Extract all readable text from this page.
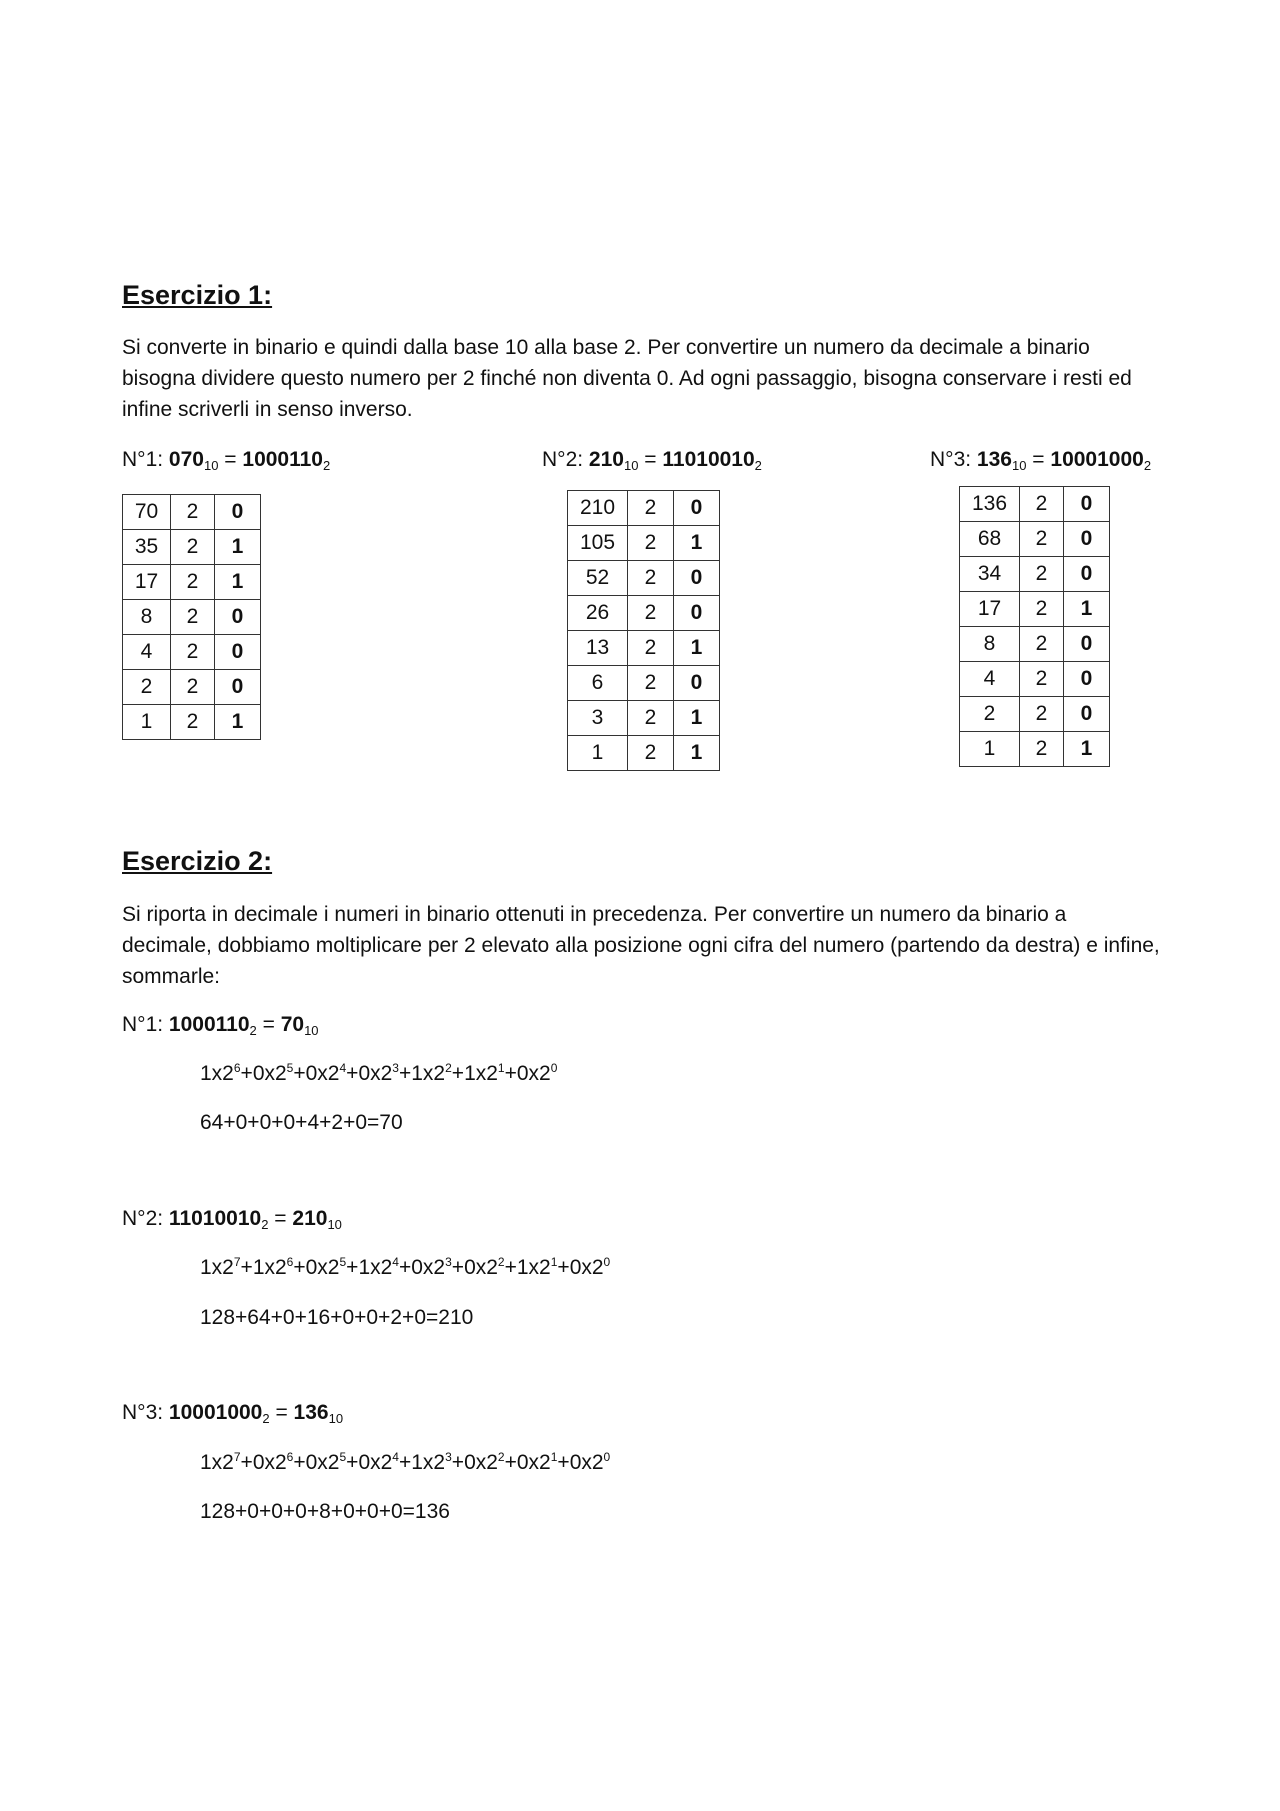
Esercizio 1:

Si converte in binario e quindi dalla base 10 alla base 2. Per convertire un numero da decimale a binario bisogna dividere questo numero per 2 finché non diventa 0. Ad ogni passaggio, bisogna conservare i resti ed infine scriverli in senso inverso.

N°1: $070_{10} = 1000110_2$	N°2: $210_{10} = 11010010_2$	N°3: $136_{10} = 10001000_2$
70	2	0
35	2	1
17	2	1
8	2	0
4	2	0
2	2	0
1	2	1
210	2	0
105	2	1
52	2	0
26	2	0
13	2	1
6	2	0
3	2	1
1	2	1
136	2	0
68	2	0
34	2	0
17	2	1
8	2	0
4	2	0
2	2	0
1	2	1
Esercizio 2:

Si riporta in decimale i numeri in binario ottenuti in precedenza. Per convertire un numero da binario a decimale, dobbiamo moltiplicare per 2 elevato alla posizione ogni cifra del numero (partendo da destra) e infine, sommarle:

N°1: $1000110_2 = 70_{10}$
$1x2^6+0x2^5+0x2^4+0x2^3+1x2^2+1x2^1+0x2^0$
64+0+0+0+4+2+0=70
N°2: $11010010_2 = 210_{10}$
$1x2^7+1x2^6+0x2^5+1x2^4+0x2^3+0x2^2+1x2^1+0x2^0$
128+64+0+16+0+0+2+0=210
N°3: $10001000_2 = 136_{10}$
$1x2^7+0x2^6+0x2^5+0x2^4+1x2^3+0x2^2+0x2^1+0x2^0$
128+0+0+0+8+0+0+0=136
